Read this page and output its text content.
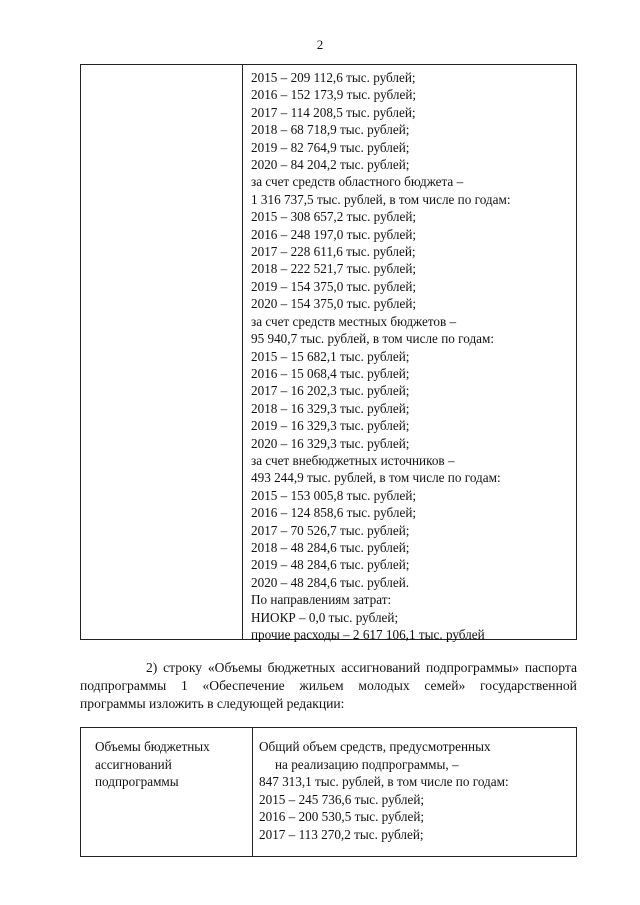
2
2015 – 209 112,6 тыс. рублей;
2016 – 152 173,9 тыс. рублей;
2017 – 114 208,5 тыс. рублей;
2018 – 68 718,9 тыс. рублей;
2019 – 82 764,9 тыс. рублей;
2020 – 84 204,2 тыс. рублей;
за счет средств областного бюджета –
1 316 737,5 тыс. рублей, в том числе по годам:
2015 – 308 657,2 тыс. рублей;
2016 – 248 197,0 тыс. рублей;
2017 – 228 611,6 тыс. рублей;
2018 – 222 521,7 тыс. рублей;
2019 – 154 375,0 тыс. рублей;
2020 – 154 375,0 тыс. рублей;
за счет средств местных бюджетов –
95 940,7 тыс. рублей, в том числе по годам:
2015 – 15 682,1 тыс. рублей;
2016 – 15 068,4 тыс. рублей;
2017 – 16 202,3 тыс. рублей;
2018 – 16 329,3 тыс. рублей;
2019 – 16 329,3 тыс. рублей;
2020 – 16 329,3 тыс. рублей;
за счет внебюджетных источников –
493 244,9 тыс. рублей, в том числе по годам:
2015 – 153 005,8 тыс. рублей;
2016 – 124 858,6 тыс. рублей;
2017 – 70 526,7 тыс. рублей;
2018 – 48 284,6 тыс. рублей;
2019 – 48 284,6 тыс. рублей;
2020 – 48 284,6 тыс. рублей.
По направлениям затрат:
НИОКР – 0,0 тыс. рублей;
прочие расходы – 2 617 106,1 тыс. рублей
2) строку «Объемы бюджетных ассигнований подпрограммы» паспорта
подпрограммы 1 «Обеспечение жильем молодых семей» государственной
программы изложить в следующей редакции:
Объемы бюджетных
ассигнований
подпрограммы
Общий объем средств, предусмотренных
на реализацию подпрограммы, –
847 313,1 тыс. рублей, в том числе по годам:
2015 – 245 736,6 тыс. рублей;
2016 – 200 530,5 тыс. рублей;
2017 – 113 270,2 тыс. рублей;
